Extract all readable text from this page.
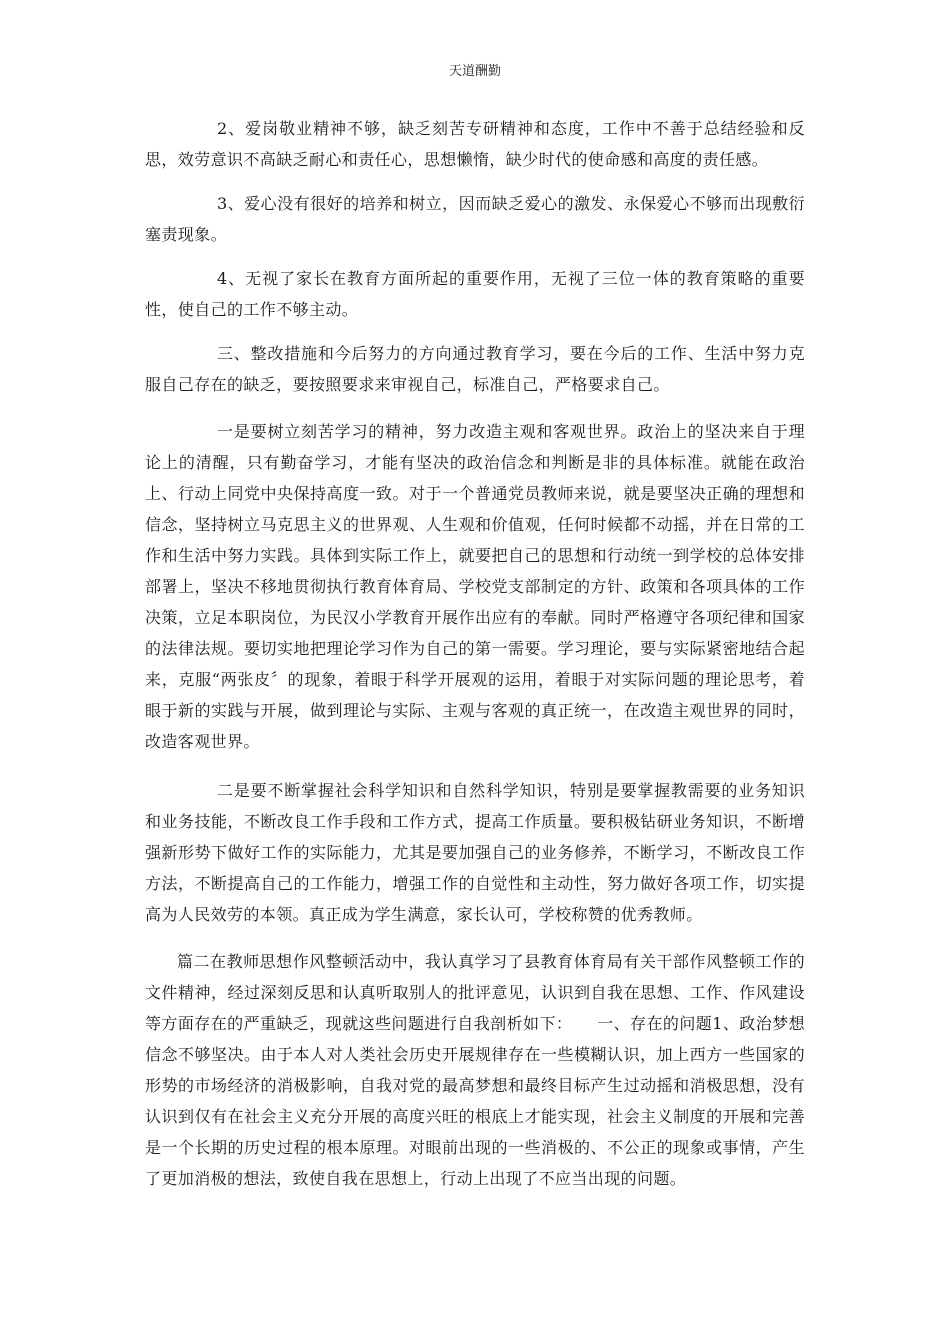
天道酬勤

2、爱岗敬业精神不够，缺乏刻苦专研精神和态度，工作中不善于总结经验和反思，效劳意识不高缺乏耐心和责任心，思想懒惰，缺少时代的使命感和高度的责任感。

3、爱心没有很好的培养和树立，因而缺乏爱心的激发、永保爱心不够而出现敷衍塞责现象。

4、无视了家长在教育方面所起的重要作用，无视了三位一体的教育策略的重要性，使自己的工作不够主动。

三、整改措施和今后努力的方向通过教育学习，要在今后的工作、生活中努力克服自己存在的缺乏，要按照要求来审视自己，标准自己，严格要求自己。

一是要树立刻苦学习的精神，努力改造主观和客观世界。政治上的坚决来自于理论上的清醒，只有勤奋学习，才能有坚决的政治信念和判断是非的具体标准。就能在政治上、行动上同党中央保持高度一致。对于一个普通党员教师来说，就是要坚决正确的理想和信念，坚持树立马克思主义的世界观、人生观和价值观，任何时候都不动摇，并在日常的工作和生活中努力实践。具体到实际工作上，就要把自己的思想和行动统一到学校的总体安排部署上，坚决不移地贯彻执行教育体育局、学校党支部制定的方针、政策和各项具体的工作决策，立足本职岗位，为民汉小学教育开展作出应有的奉献。同时严格遵守各项纪律和国家的法律法规。要切实地把理论学习作为自己的第一需要。学习理论，要与实际紧密地结合起来，克服“两张皮〞的现象，着眼于科学开展观的运用，着眼于对实际问题的理论思考，着眼于新的实践与开展，做到理论与实际、主观与客观的真正统一，在改造主观世界的同时，改造客观世界。

二是要不断掌握社会科学知识和自然科学知识，特别是要掌握教需要的业务知识和业务技能，不断改良工作手段和工作方式，提高工作质量。要积极钻研业务知识，不断增强新形势下做好工作的实际能力，尤其是要加强自己的业务修养，不断学习，不断改良工作方法，不断提高自己的工作能力，增强工作的自觉性和主动性，努力做好各项工作，切实提高为人民效劳的本领。真正成为学生满意，家长认可，学校称赞的优秀教师。

篇二在教师思想作风整顿活动中，我认真学习了县教育体育局有关干部作风整顿工作的文件精神，经过深刻反思和认真听取别人的批评意见，认识到自我在思想、工作、作风建设等方面存在的严重缺乏，现就这些问题进行自我剖析如下：　　一、存在的问题1、政治梦想信念不够坚决。由于本人对人类社会历史开展规律存在一些模糊认识，加上西方一些国家的形势的市场经济的消极影响，自我对党的最高梦想和最终目标产生过动摇和消极思想，没有认识到仅有在社会主义充分开展的高度兴旺的根底上才能实现，社会主义制度的开展和完善是一个长期的历史过程的根本原理。对眼前出现的一些消极的、不公正的现象或事情，产生了更加消极的想法，致使自我在思想上，行动上出现了不应当出现的问题。
